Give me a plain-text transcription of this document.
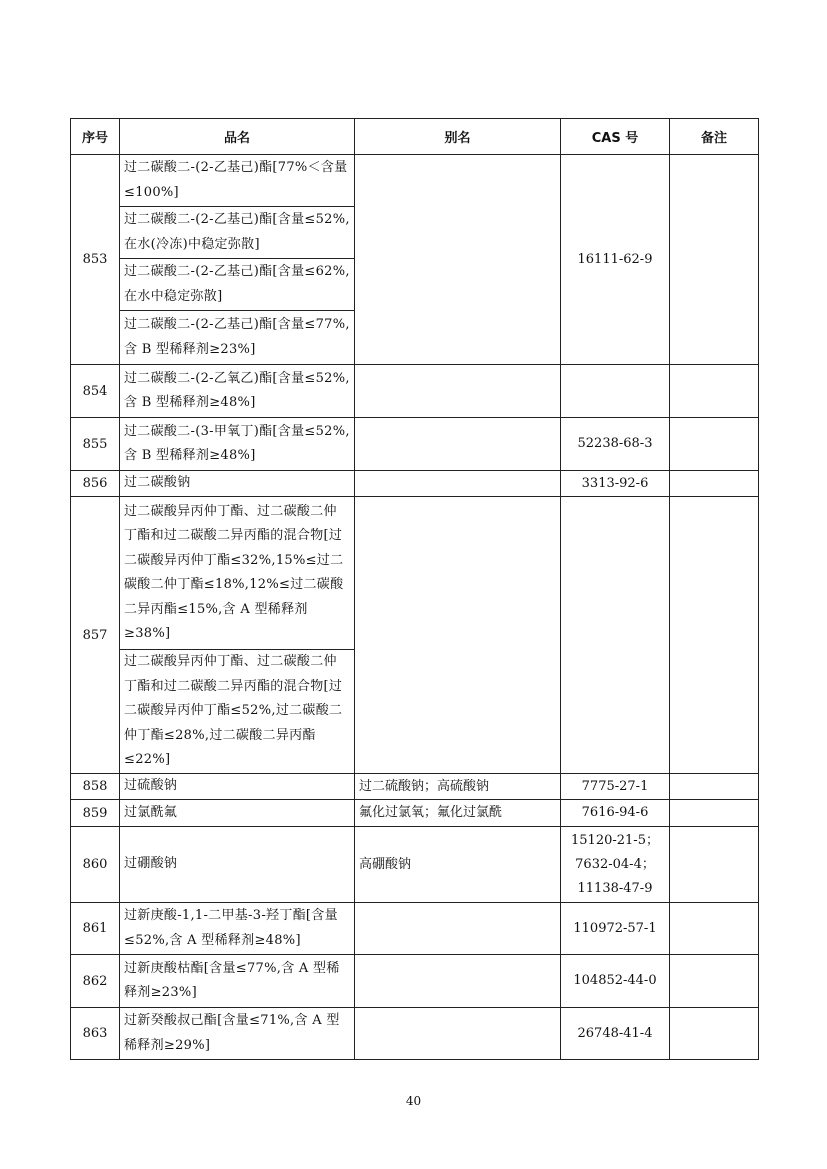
序号	品名	别名	CAS 号	备注
853	过二碳酸二-(2-乙基己)酯[77%＜含量≤100%]		16111-62-9	
	过二碳酸二-(2-乙基己)酯[含量≤52%,在水(冷冻)中稳定弥散]			
	过二碳酸二-(2-乙基己)酯[含量≤62%,在水中稳定弥散]			
	过二碳酸二-(2-乙基己)酯[含量≤77%,含 B 型稀释剂≥23%]			
854	过二碳酸二-(2-乙氧乙)酯[含量≤52%,含 B 型稀释剂≥48%]			
855	过二碳酸二-(3-甲氧丁)酯[含量≤52%,含 B 型稀释剂≥48%]		52238-68-3	
856	过二碳酸钠		3313-92-6	
857	过二碳酸异丙仲丁酯、过二碳酸二仲丁酯和过二碳酸二异丙酯的混合物[过二碳酸异丙仲丁酯≤32%,15%≤过二碳酸二仲丁酯≤18%,12%≤过二碳酸二异丙酯≤15%,含 A 型稀释剂≥38%]			
	过二碳酸异丙仲丁酯、过二碳酸二仲丁酯和过二碳酸二异丙酯的混合物[过二碳酸异丙仲丁酯≤52%,过二碳酸二仲丁酯≤28%,过二碳酸二异丙酯≤22%]			
858	过硫酸钠	过二硫酸钠；高硫酸钠	7775-27-1	
859	过氯酰氟	氟化过氯氧；氟化过氯酰	7616-94-6	
860	过硼酸钠	高硼酸钠	15120-21-5；
7632-04-4；
11138-47-9	

861	过新庚酸-1,1-二甲基-3-羟丁酯[含量≤52%,含 A 型稀释剂≥48%]		110972-57-1	
862	过新庚酸枯酯[含量≤77%,含 A 型稀释剂≥23%]		104852-44-0	
863	过新癸酸叔己酯[含量≤71%,含 A 型稀释剂≥29%]		26748-41-4	
40
